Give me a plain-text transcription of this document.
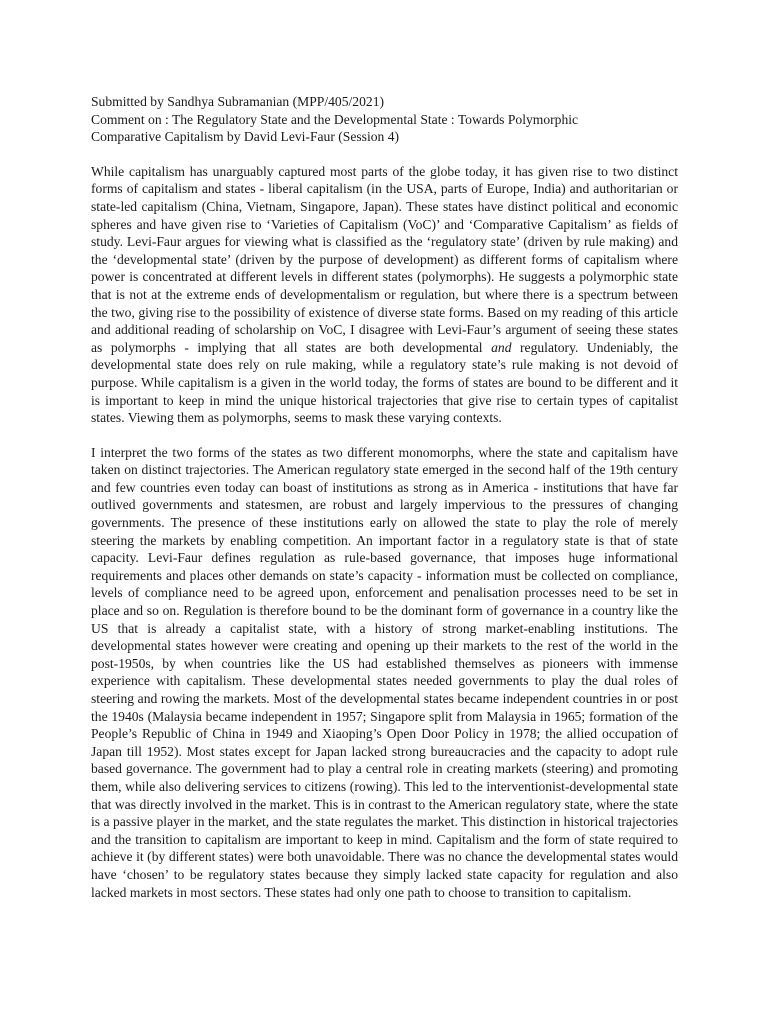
Submitted by Sandhya Subramanian (MPP/405/2021)
Comment on : The Regulatory State and the Developmental State : Towards Polymorphic
Comparative Capitalism by David Levi-Faur (Session 4)

While capitalism has unarguably captured most parts of the globe today, it has given rise to two distinct forms of capitalism and states - liberal capitalism (in the USA, parts of Europe, India) and authoritarian or state-led capitalism (China, Vietnam, Singapore, Japan). These states have distinct political and economic spheres and have given rise to ‘Varieties of Capitalism (VoC)’ and ‘Comparative Capitalism’ as fields of study. Levi-Faur argues for viewing what is classified as the ‘regulatory state’ (driven by rule making) and the ‘developmental state’ (driven by the purpose of development) as different forms of capitalism where power is concentrated at different levels in different states (polymorphs). He suggests a polymorphic state that is not at the extreme ends of developmentalism or regulation, but where there is a spectrum between the two, giving rise to the possibility of existence of diverse state forms. Based on my reading of this article and additional reading of scholarship on VoC, I disagree with Levi-Faur’s argument of seeing these states as polymorphs - implying that all states are both developmental and regulatory. Undeniably, the developmental state does rely on rule making, while a regulatory state’s rule making is not devoid of purpose. While capitalism is a given in the world today, the forms of states are bound to be different and it is important to keep in mind the unique historical trajectories that give rise to certain types of capitalist states. Viewing them as polymorphs, seems to mask these varying contexts.

I interpret the two forms of the states as two different monomorphs, where the state and capitalism have taken on distinct trajectories. The American regulatory state emerged in the second half of the 19th century and few countries even today can boast of institutions as strong as in America - institutions that have far outlived governments and statesmen, are robust and largely impervious to the pressures of changing governments. The presence of these institutions early on allowed the state to play the role of merely steering the markets by enabling competition. An important factor in a regulatory state is that of state capacity. Levi-Faur defines regulation as rule-based governance, that imposes huge informational requirements and places other demands on state’s capacity - information must be collected on compliance, levels of compliance need to be agreed upon, enforcement and penalisation processes need to be set in place and so on. Regulation is therefore bound to be the dominant form of governance in a country like the US that is already a capitalist state, with a history of strong market-enabling institutions. The developmental states however were creating and opening up their markets to the rest of the world in the post-1950s, by when countries like the US had established themselves as pioneers with immense experience with capitalism. These developmental states needed governments to play the dual roles of steering and rowing the markets. Most of the developmental states became independent countries in or post the 1940s (Malaysia became independent in 1957; Singapore split from Malaysia in 1965; formation of the People’s Republic of China in 1949 and Xiaoping’s Open Door Policy in 1978; the allied occupation of Japan till 1952). Most states except for Japan lacked strong bureaucracies and the capacity to adopt rule based governance. The government had to play a central role in creating markets (steering) and promoting them, while also delivering services to citizens (rowing). This led to the interventionist-developmental state that was directly involved in the market. This is in contrast to the American regulatory state, where the state is a passive player in the market, and the state regulates the market. This distinction in historical trajectories and the transition to capitalism are important to keep in mind. Capitalism and the form of state required to achieve it (by different states) were both unavoidable. There was no chance the developmental states would have ‘chosen’ to be regulatory states because they simply lacked state capacity for regulation and also lacked markets in most sectors. These states had only one path to choose to transition to capitalism.
